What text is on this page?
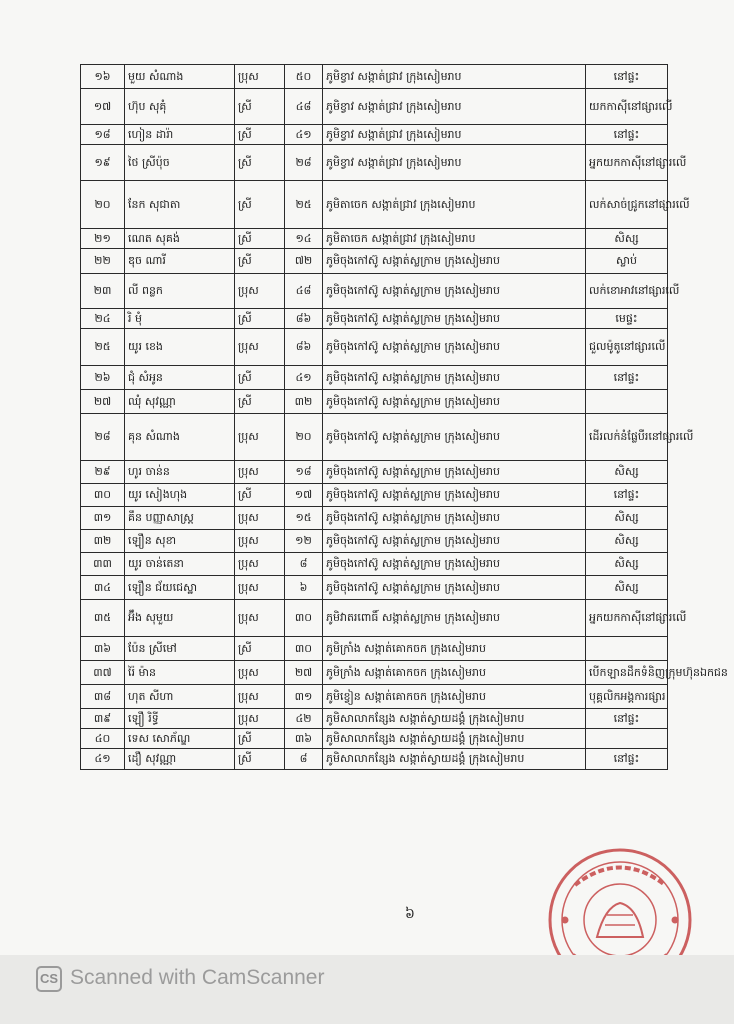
១៦	មួយ សំណាង	ប្រុស	៥០	ភូមិខ្វាវ សង្កាត់ជ្រាវ ក្រុងសៀមរាប	នៅផ្ទះ
១៧	ហ៊ុប សុគុំ	ស្រី	៤៨	ភូមិខ្វាវ សង្កាត់ជ្រាវ ក្រុងសៀមរាប	យកកាស៊ីនៅផ្សារលើ
១៨	ហៀន ដារ៉ា	ស្រី	៤១	ភូមិខ្វាវ សង្កាត់ជ្រាវ ក្រុងសៀមរាប	នៅផ្ទះ
១៩	ថៃ ស្រីប៉ុច	ស្រី	២៨	ភូមិខ្វាវ សង្កាត់ជ្រាវ ក្រុងសៀមរាប	អ្នកយកកាស៊ីនៅផ្សារលើ
២០	នែក សុជាតា	ស្រី	២៥	ភូមិតាចេក សង្កាត់ជ្រាវ ក្រុងសៀមរាប	លក់សាច់ជ្រូកនៅផ្សារលើ
២១	ណេត សុគង់	ស្រី	១៤	ភូមិតាចេក សង្កាត់ជ្រាវ ក្រុងសៀមរាប	សិស្ស
២២	ឌុច ណារី	ស្រី	៧២	ភូមិចុងកៅស៊ូ សង្កាត់ស្លក្រាម ក្រុងសៀមរាប	ស្លាប់
២៣	លី ពន្លក	ប្រុស	៤៨	ភូមិចុងកៅស៊ូ សង្កាត់ស្លក្រាម ក្រុងសៀមរាប	លក់ខោអាវនៅផ្សារលើ
២៤	រិ មុំ	ស្រី	៨៦	ភូមិចុងកៅស៊ូ សង្កាត់ស្លក្រាម ក្រុងសៀមរាប	មេផ្ទះ
២៥	យូរ ខេង	ប្រុស	៨៦	ភូមិចុងកៅស៊ូ សង្កាត់ស្លក្រាម ក្រុងសៀមរាប	ជួលម៉ូតូនៅផ្សារលើ
២៦	ជុំ សំអូន	ស្រី	៤១	ភូមិចុងកៅស៊ូ សង្កាត់ស្លក្រាម ក្រុងសៀមរាប	នៅផ្ទះ
២៧	ឈុំ សុវណ្ណា	ស្រី	៣២	ភូមិចុងកៅស៊ូ សង្កាត់ស្លក្រាម ក្រុងសៀមរាប	
២៨	គុន សំណាង	ប្រុស	២០	ភូមិចុងកៅស៊ូ សង្កាត់ស្លក្រាម ក្រុងសៀមរាប	ដើរលក់នំផ្លែបឺរនៅផ្សារលើ
២៩	ហូរ ចាន់ន	ប្រុស	១៨	ភូមិចុងកៅស៊ូ សង្កាត់ស្លក្រាម ក្រុងសៀមរាប	សិស្ស
៣០	យូរ សៀងហុង	ស្រី	១៧	ភូមិចុងកៅស៊ូ សង្កាត់ស្លក្រាម ក្រុងសៀមរាប	នៅផ្ទះ
៣១	គឹន បញ្ញាសាស្ត្រ	ប្រុស	១៥	ភូមិចុងកៅស៊ូ សង្កាត់ស្លក្រាម ក្រុងសៀមរាប	សិស្ស
៣២	ឡឿន សុខា	ប្រុស	១២	ភូមិចុងកៅស៊ូ សង្កាត់ស្លក្រាម ក្រុងសៀមរាប	សិស្ស
៣៣	យូរ ចាន់តេនា	ប្រុស	៨	ភូមិចុងកៅស៊ូ សង្កាត់ស្លក្រាម ក្រុងសៀមរាប	សិស្ស
៣៤	ឡឿន ជ័យជេស្ឋា	ប្រុស	៦	ភូមិចុងកៅស៊ូ សង្កាត់ស្លក្រាម ក្រុងសៀមរាប	សិស្ស
៣៥	អ៊ឹង សុមួយ	ប្រុស	៣០	ភូមិវាតរពោធិ៍ សង្កាត់ស្លក្រាម ក្រុងសៀមរាប	អ្នកយកកាស៊ីនៅផ្សារលើ
៣៦	ប៉ែន ស្រីមៅ	ស្រី	៣០	ភូមិក្រាំង សង្កាត់គោកចក ក្រុងសៀមរាប	
៣៧	រ៉ៃ ម៉ាន	ប្រុស	២៧	ភូមិក្រាំង សង្កាត់គោកចក ក្រុងសៀមរាប	បើកឡានដឹកទំនិញក្រុមហ៊ុនឯកជន
៣៨	ហុត សីហា	ប្រុស	៣១	ភូមិខ្វៀន សង្កាត់គោកចក ក្រុងសៀមរាប	បុគ្គលិកអង្គការផ្សារ
៣៩	ឡឿ រិទ្ធី	ប្រុស	៤២	ភូមិសាលាកន្សែង សង្កាត់ស្វាយដង្គំ ក្រុងសៀមរាប	នៅផ្ទះ
៤០	ទេស សោភ័ណ្ឌ	ស្រី	៣៦	ភូមិសាលាកន្សែង សង្កាត់ស្វាយដង្គំ ក្រុងសៀមរាប	
៤១	ដឿ សុវណ្ណា	ស្រី	៨	ភូមិសាលាកន្សែង សង្កាត់ស្វាយដង្គំ ក្រុងសៀមរាប	នៅផ្ទះ
៦
CS Scanned with CamScanner
